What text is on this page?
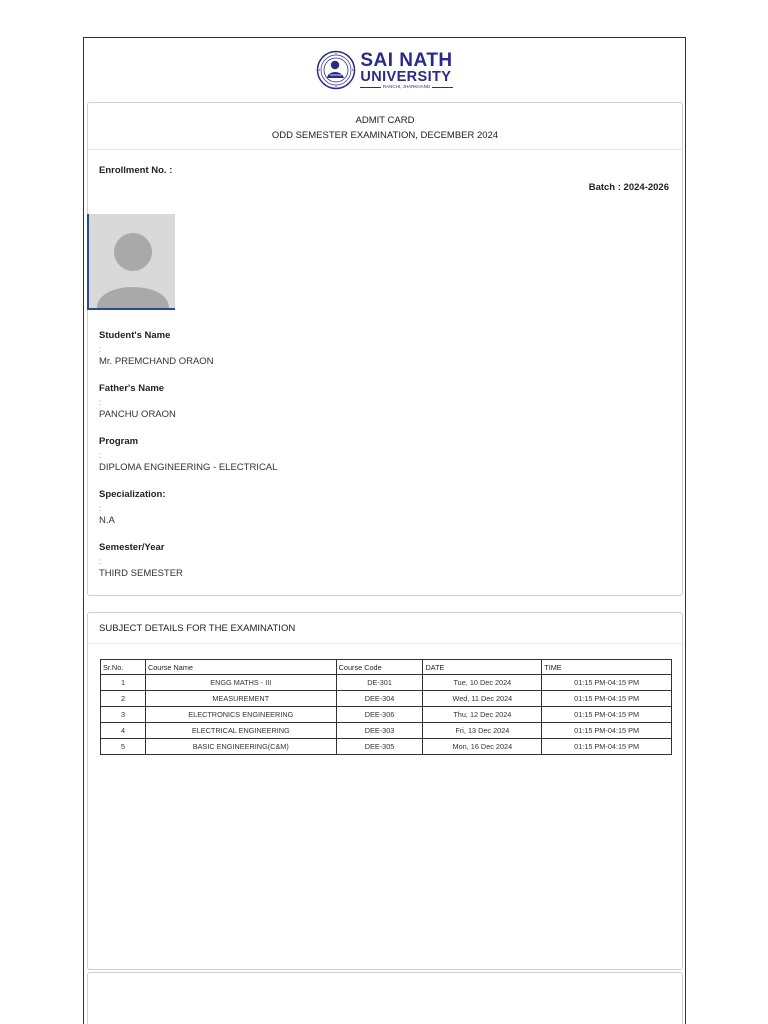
SAI NATH
UNIVERSITY
RANCHI, JHARKHAND
ADMIT CARD
ODD SEMESTER EXAMINATION, DECEMBER 2024
Enrollment No. :
Batch : 2024-2026
Student's Name
:
Mr. PREMCHAND ORAON
Father's Name
:
PANCHU ORAON
Program
:
DIPLOMA ENGINEERING - ELECTRICAL
Specialization:
:
N.A
Semester/Year
:
THIRD SEMESTER
SUBJECT DETAILS FOR THE EXAMINATION
Sr.No.	Course Name	Course Code	DATE	TIME
1	ENGG MATHS - III	DE-301	Tue, 10 Dec 2024	01:15 PM-04:15 PM
2	MEASUREMENT	DEE-304	Wed, 11 Dec 2024	01:15 PM-04:15 PM
3	ELECTRONICS ENGINEERING	DEE-306	Thu, 12 Dec 2024	01:15 PM-04:15 PM
4	ELECTRICAL ENGINEERING	DEE-303	Fri, 13 Dec 2024	01:15 PM-04:15 PM
5	BASIC ENGINEERING(C&M)	DEE-305	Mon, 16 Dec 2024	01:15 PM-04:15 PM
